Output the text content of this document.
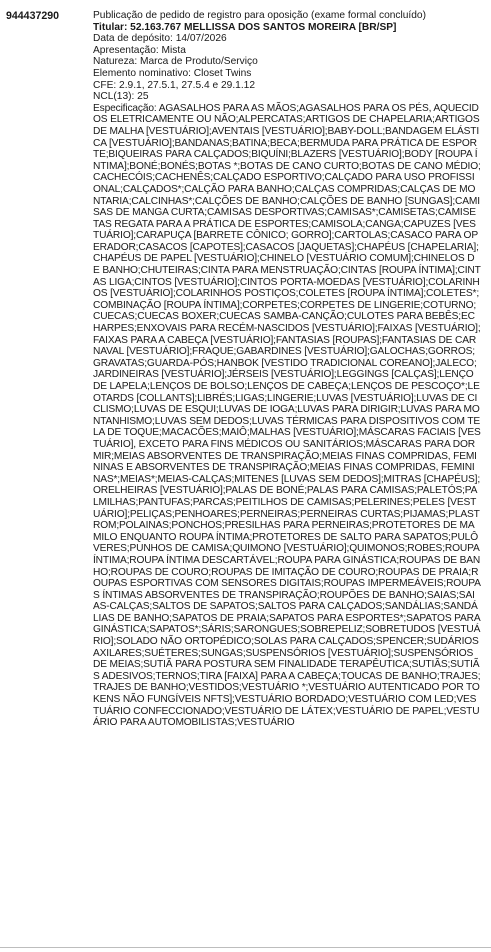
944437290	Publicação de pedido de registro para oposição (exame formal concluído)
Titular: 52.163.767 MELLISSA DOS SANTOS MOREIRA [BR/SP]
Data de depósito: 14/07/2026
Apresentação: Mista
Natureza: Marca de Produto/Serviço
Elemento nominativo: Closet Twins
CFE: 2.9.1, 27.5.1, 27.5.4 e 29.1.12
NCL(13): 25
Especificação: AGASALHOS PARA AS MÃOS;AGASALHOS PARA OS PÉS, AQUECIDOS ELETRICAMENTE OU NÃO;ALPERCATAS;ARTIGOS DE CHAPELARIA;ARTIGOS DE MALHA [VESTUÁRIO];AVENTAIS [VESTUÁRIO];BABY-DOLL;BANDAGEM ELÁSTICA [VESTUÁRIO];BANDANAS;BATINA;BECA;BERMUDA PARA PRÁTICA DE ESPORTE;BIQUEIRAS PARA CALÇADOS;BIQUÍNI;BLAZERS [VESTUÁRIO];BODY [ROUPA ÍNTIMA];BONÉ;BONÉS;BOTAS *;BOTAS DE CANO CURTO;BOTAS DE CANO MÉDIO;CACHECÓIS;CACHENÊS;CALÇADO ESPORTIVO;CALÇADO PARA USO PROFISSIONAL;CALÇADOS*;CALÇÃO PARA BANHO;CALÇAS COMPRIDAS;CALÇAS DE MONTARIA;CALCINHAS*;CALÇÕES DE BANHO;CALÇÕES DE BANHO [SUNGAS];CAMISAS DE MANGA CURTA;CAMISAS DESPORTIVAS;CAMISAS*;CAMISETAS;CAMISETAS REGATA PARA A PRÁTICA DE ESPORTES;CAMISOLA;CANGA;CAPUZES [VESTUÁRIO];CARAPUÇA [BARRETE CÔNICO; GORRO];CARTOLAS;CASACO PARA OPERADOR;CASACOS [CAPOTES];CASACOS [JAQUETAS];CHAPÉUS [CHAPELARIA];CHAPÉUS DE PAPEL [VESTUÁRIO];CHINELO [VESTUÁRIO COMUM];CHINELOS DE BANHO;CHUTEIRAS;CINTA PARA MENSTRUAÇÃO;CINTAS [ROUPA ÍNTIMA];CINTAS LIGA;CINTOS [VESTUÁRIO];CINTOS PORTA-MOEDAS [VESTUÁRIO];COLARINHOS [VESTUÁRIO];COLARINHOS POSTIÇOS;COLETES [ROUPA ÍNTIMA];COLETES*;COMBINAÇÃO [ROUPA ÍNTIMA];CORPETES;CORPETES DE LINGERIE;COTURNO;CUECAS;CUECAS BOXER;CUECAS SAMBA-CANÇÃO;CULOTES PARA BEBÊS;ECHARPES;ENXOVAIS PARA RECÉM-NASCIDOS [VESTUÁRIO];FAIXAS [VESTUÁRIO];FAIXAS PARA A CABEÇA [VESTUÁRIO];FANTASIAS [ROUPAS];FANTASIAS DE CARNAVAL [VESTUÁRIO];FRAQUE;GABARDINES [VESTUÁRIO];GALOCHAS;GORROS;GRAVATAS;GUARDA-PÓS;HANBOK [VESTIDO TRADICIONAL COREANO];JALECO;JARDINEIRAS [VESTUÁRIO];JÉRSEIS [VESTUÁRIO];LEGGINGS [CALÇAS];LENÇO DE LAPELA;LENÇOS DE BOLSO;LENÇOS DE CABEÇA;LENÇOS DE PESCOÇO*;LEOTARDS [COLLANTS];LIBRÉS;LIGAS;LINGERIE;LUVAS [VESTUÁRIO];LUVAS DE CICLISMO;LUVAS DE ESQUI;LUVAS DE IOGA;LUVAS PARA DIRIGIR;LUVAS PARA MONTANHISMO;LUVAS SEM DEDOS;LUVAS TÉRMICAS PARA DISPOSITIVOS COM TELA DE TOQUE;MACACÕES;MAIÔ;MALHAS [VESTUÁRIO];MÁSCARAS FACIAIS [VESTUÁRIO], EXCETO PARA FINS MÉDICOS OU SANITÁRIOS;MÁSCARAS PARA DORMIR;MEIAS ABSORVENTES DE TRANSPIRAÇÃO;MEIAS FINAS COMPRIDAS, FEMININAS E ABSORVENTES DE TRANSPIRAÇÃO;MEIAS FINAS COMPRIDAS, FEMININAS*;MEIAS*;MEIAS-CALÇAS;MITENES [LUVAS SEM DEDOS];MITRAS [CHAPÉUS];ORELHEIRAS [VESTUÁRIO];PALAS DE BONÉ;PALAS PARA CAMISAS;PALETÓS;PALMILHAS;PANTUFAS;PARCAS;PEITILHOS DE CAMISAS;PELERINES;PELES [VESTUÁRIO];PELIÇAS;PENHOARES;PERNEIRAS;PERNEIRAS CURTAS;PIJAMAS;PLASTROM;POLAINAS;PONCHOS;PRESILHAS PARA PERNEIRAS;PROTETORES DE MAMILO ENQUANTO ROUPA ÍNTIMA;PROTETORES DE SALTO PARA SAPATOS;PULÔVERES;PUNHOS DE CAMISA;QUIMONO [VESTUÁRIO];QUIMONOS;ROBES;ROUPA ÍNTIMA;ROUPA ÍNTIMA DESCARTÁVEL;ROUPA PARA GINÁSTICA;ROUPAS DE BANHO;ROUPAS DE COURO;ROUPAS DE IMITAÇÃO DE COURO;ROUPAS DE PRAIA;ROUPAS ESPORTIVAS COM SENSORES DIGITAIS;ROUPAS IMPERMEÁVEIS;ROUPAS ÍNTIMAS ABSORVENTES DE TRANSPIRAÇÃO;ROUPÕES DE BANHO;SAIAS;SAIAS-CALÇAS;SALTOS DE SAPATOS;SALTOS PARA CALÇADOS;SANDÁLIAS;SANDÁLIAS DE BANHO;SAPATOS DE PRAIA;SAPATOS PARA ESPORTES*;SAPATOS PARA GINÁSTICA;SAPATOS*;SÁRIS;SARONGUES;SOBREPELIZ;SOBRETUDOS [VESTUÁRIO];SOLADO NÃO ORTOPÉDICO;SOLAS PARA CALÇADOS;SPENCER;SUDÁRIOS AXILARES;SUÉTERES;SUNGAS;SUSPENSÓRIOS [VESTUÁRIO];SUSPENSÓRIOS DE MEIAS;SUTIÃ PARA POSTURA SEM FINALIDADE TERAPÊUTICA;SUTIÃS;SUTIÃS ADESIVOS;TERNOS;TIRA [FAIXA] PARA A CABEÇA;TOUCAS DE BANHO;TRAJES;TRAJES DE BANHO;VESTIDOS;VESTUÁRIO *;VESTUÁRIO AUTENTICADO POR TOKENS NÃO FUNGÍVEIS NFTS];VESTUÁRIO BORDADO;VESTUÁRIO COM LED;VESTUÁRIO CONFECCIONADO;VESTUÁRIO DE LÁTEX;VESTUÁRIO DE PAPEL;VESTUÁRIO PARA AUTOMOBILISTAS;VESTUÁRIO
